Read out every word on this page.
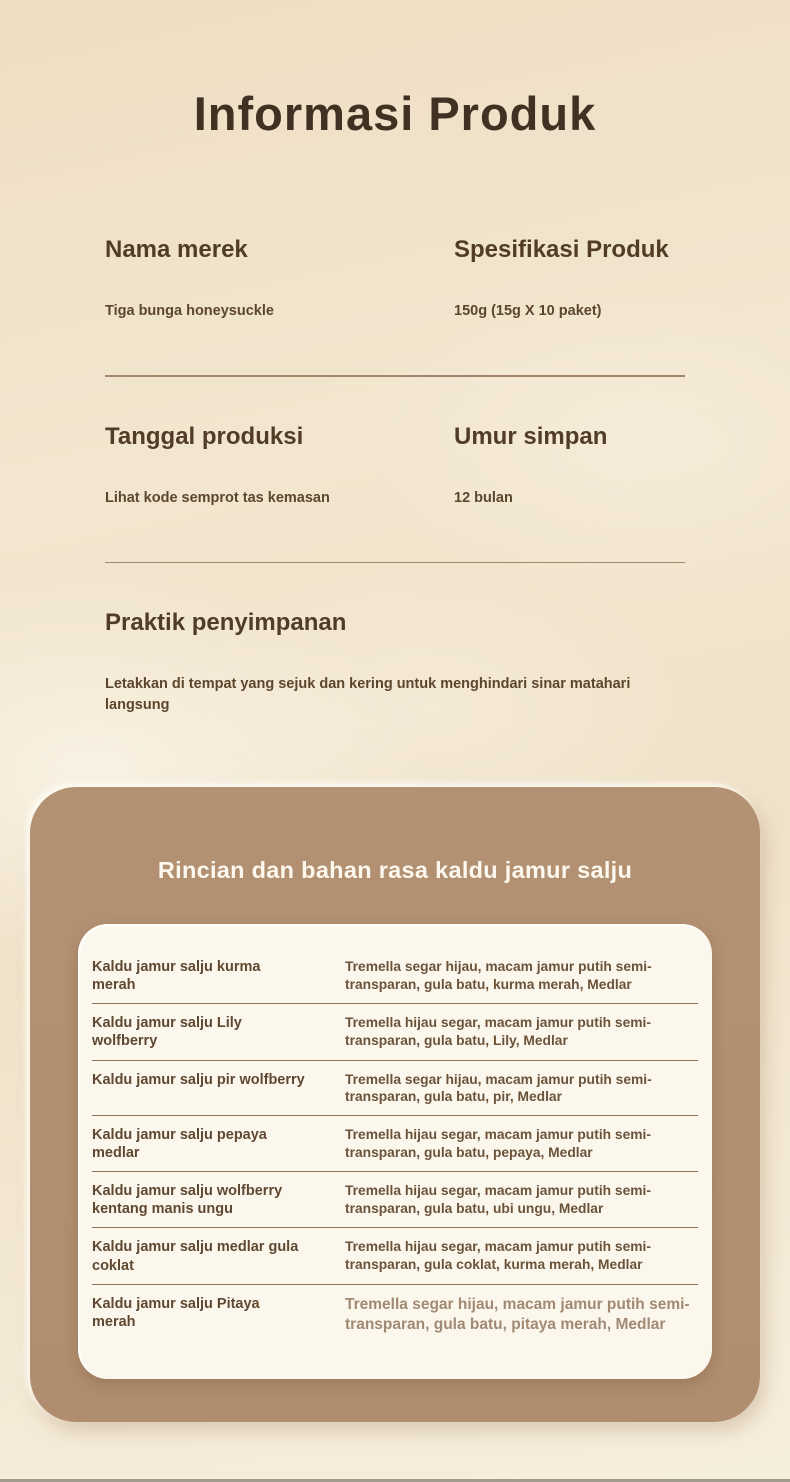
Informasi Produk
Nama merek
Tiga bunga honeysuckle
Spesifikasi Produk
150g (15g X 10 paket)
Tanggal produksi
Lihat kode semprot tas kemasan
Umur simpan
12 bulan
Praktik penyimpanan
Letakkan di tempat yang sejuk dan kering untuk menghindari sinar matahari langsung
Rincian dan bahan rasa kaldu jamur salju
Kaldu jamur salju kurma merah
Tremella segar hijau, macam jamur putih semi-transparan, gula batu, kurma merah, Medlar
Kaldu jamur salju Lily wolfberry
Tremella hijau segar, macam jamur putih semi-transparan, gula batu, Lily, Medlar
Kaldu jamur salju pir wolfberry	Tremella segar hijau, macam jamur putih semi-transparan, gula batu, pir, Medlar
Kaldu jamur salju pepaya medlar
Tremella hijau segar, macam jamur putih semi-transparan, gula batu, pepaya, Medlar
Kaldu jamur salju wolfberry kentang manis ungu
Tremella hijau segar, macam jamur putih semi-transparan, gula batu, ubi ungu, Medlar
Kaldu jamur salju medlar gula coklat
Tremella hijau segar, macam jamur putih semi-transparan, gula coklat, kurma merah, Medlar
Kaldu jamur salju Pitaya merah
Tremella segar hijau, macam jamur putih semi-transparan, gula batu, pitaya merah, Medlar
